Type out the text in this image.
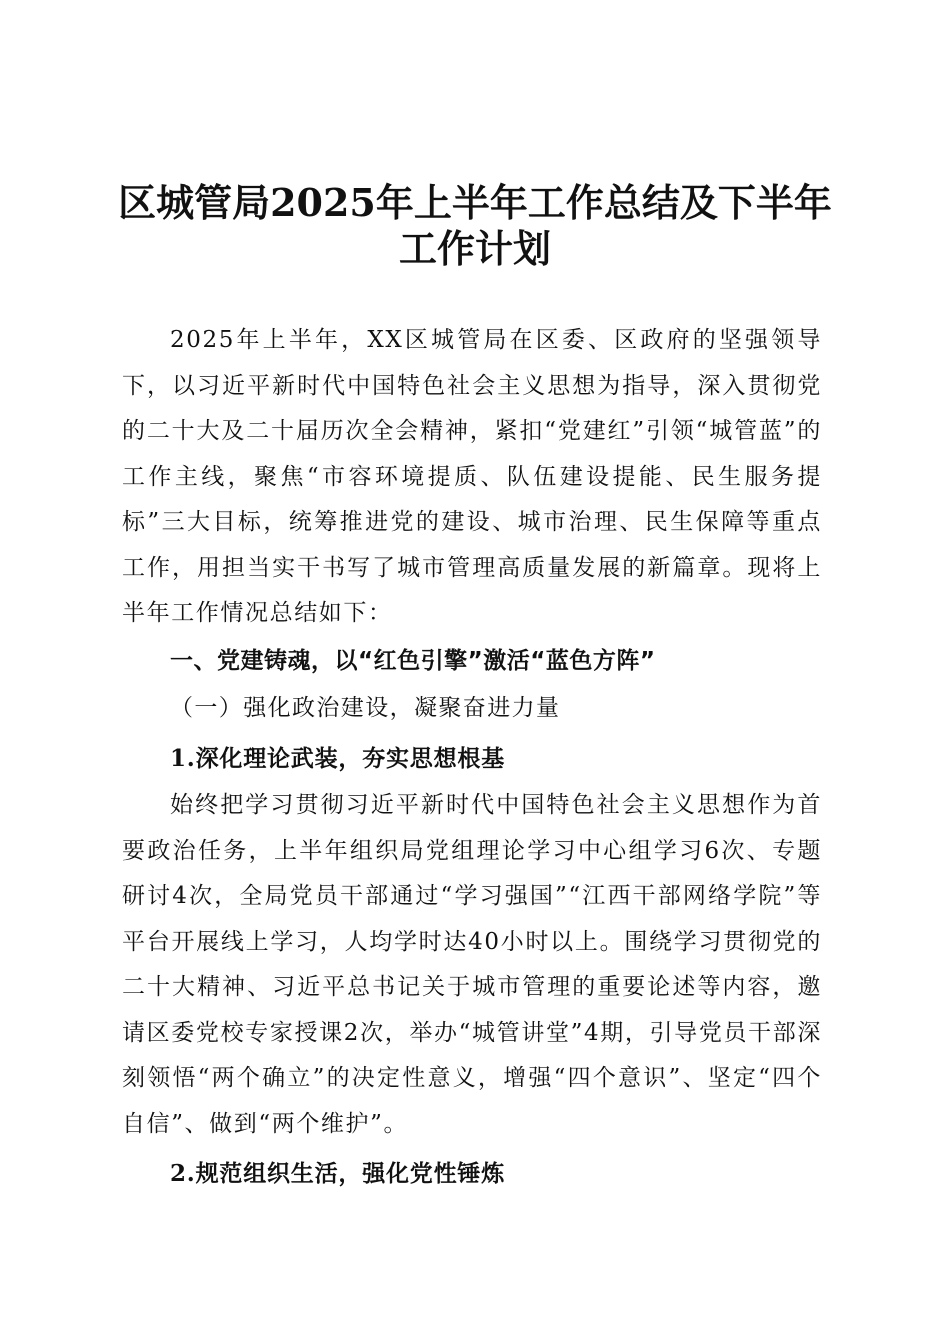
区城管局2025年上半年工作总结及下半年工作计划

2025年上半年，XX区城管局在区委、区政府的坚强领导下，以习近平新时代中国特色社会主义思想为指导，深入贯彻党的二十大及二十届历次全会精神，紧扣“党建红”引领“城管蓝”的工作主线，聚焦“市容环境提质、队伍建设提能、民生服务提标”三大目标，统筹推进党的建设、城市治理、民生保障等重点工作，用担当实干书写了城市管理高质量发展的新篇章。现将上半年工作情况总结如下：

一、党建铸魂，以“红色引擎”激活“蓝色方阵”

（一）强化政治建设，凝聚奋进力量

1.深化理论武装，夯实思想根基

始终把学习贯彻习近平新时代中国特色社会主义思想作为首要政治任务，上半年组织局党组理论学习中心组学习6次、专题研讨4次，全局党员干部通过“学习强国”“江西干部网络学院”等平台开展线上学习，人均学时达40小时以上。围绕学习贯彻党的二十大精神、习近平总书记关于城市管理的重要论述等内容，邀请区委党校专家授课2次，举办“城管讲堂”4期，引导党员干部深刻领悟“两个确立”的决定性意义，增强“四个意识”、坚定“四个自信”、做到“两个维护”。

2.规范组织生活，强化党性锤炼
